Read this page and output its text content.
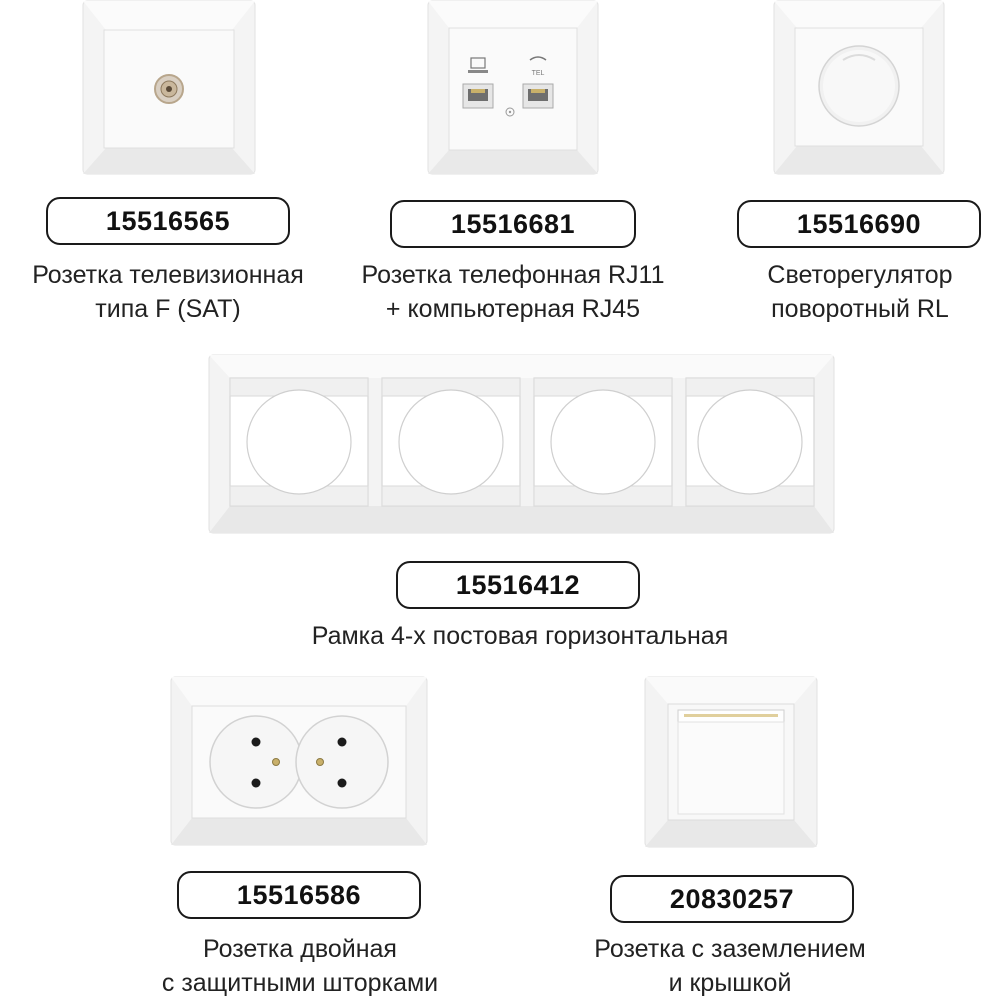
15516565
Розетка телевизионная
типа F (SAT)
TEL
15516681
Розетка телефонная RJ11
+ компьютерная RJ45
15516690
Светорегулятор
поворотный RL
15516412
Рамка 4-х постовая горизонтальная
15516586
Розетка двойная
с защитными шторками
20830257
Розетка с заземлением
и крышкой
